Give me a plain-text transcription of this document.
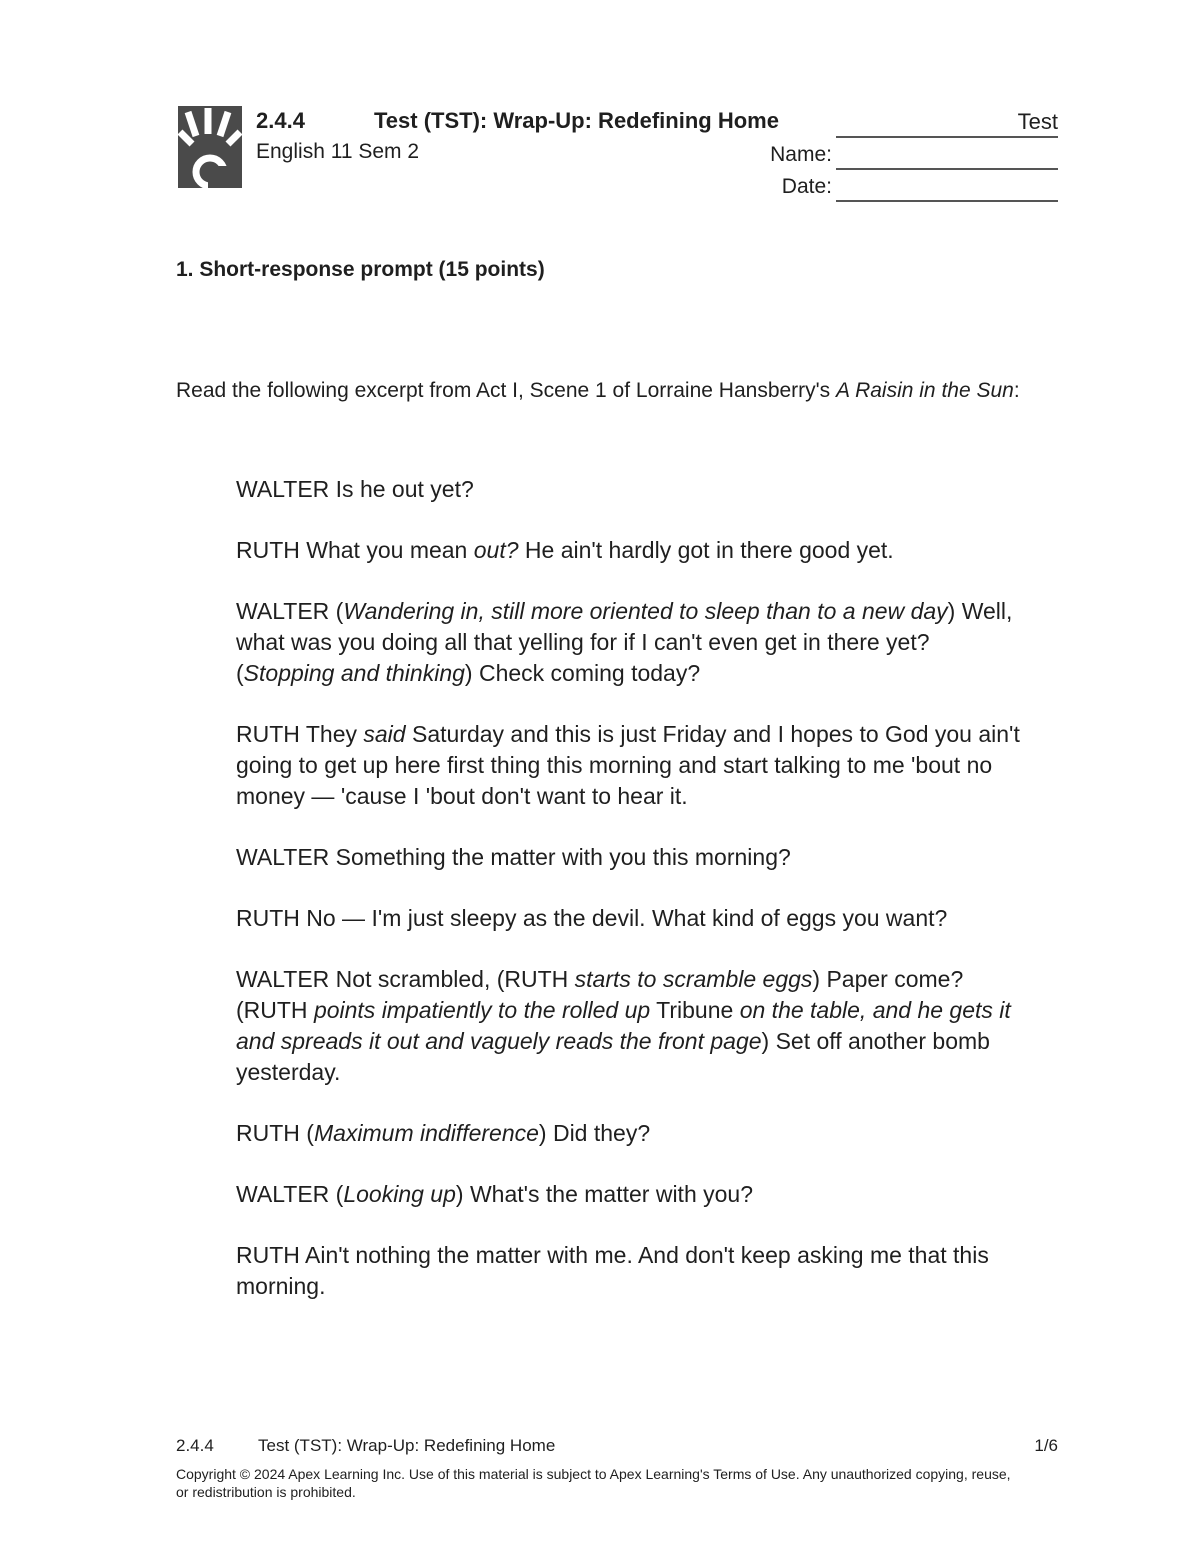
2.4.4	Test (TST): Wrap-Up: Redefining Home	Test
English 11 Sem 2	Name:
Date:
1. Short-response prompt (15 points)
Read the following excerpt from Act I, Scene 1 of Lorraine Hansberry's A Raisin in the Sun:

WALTER Is he out yet?

RUTH What you mean out? He ain't hardly got in there good yet.

WALTER (Wandering in, still more oriented to sleep than to a new day) Well, what was you doing all that yelling for if I can't even get in there yet? (Stopping and thinking) Check coming today?

RUTH They said Saturday and this is just Friday and I hopes to God you ain't going to get up here first thing this morning and start talking to me 'bout no money — 'cause I 'bout don't want to hear it.

WALTER Something the matter with you this morning?

RUTH No — I'm just sleepy as the devil. What kind of eggs you want?

WALTER Not scrambled, (RUTH starts to scramble eggs) Paper come? (RUTH points impatiently to the rolled up Tribune on the table, and he gets it and spreads it out and vaguely reads the front page) Set off another bomb yesterday.

RUTH (Maximum indifference) Did they?

WALTER (Looking up) What's the matter with you?

RUTH Ain't nothing the matter with me. And don't keep asking me that this morning.

2.4.4	Test (TST): Wrap-Up: Redefining Home	1/6
Copyright © 2024 Apex Learning Inc. Use of this material is subject to Apex Learning's Terms of Use. Any unauthorized copying, reuse, or redistribution is prohibited.
